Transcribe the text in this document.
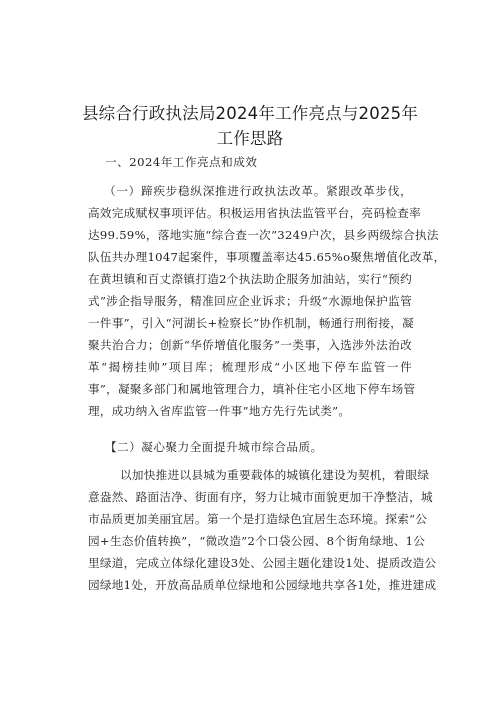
县综合行政执法局2024年工作亮点与2025年
工作思路
一、2024年工作亮点和成效
（一）蹄疾步稳纵深推进行政执法改革。紧跟改革步伐，
高效完成赋权事项评估。积极运用省执法监管平台，亮码检查率
达99.59%，落地实施“综合查一次”3249户次，县乡两级综合执法
队伍共办理1047起案件，事项覆盖率达45.65%o聚焦增值化改革，
在黄坦镇和百丈漈镇打造2个执法助企服务加油站，实行“预约
式”涉企指导服务，精准回应企业诉求；升级“水源地保护监管
一件事”，引入“河湖长+检察长”协作机制，畅通行刑衔接，凝
聚共治合力；创新“华侨增值化服务”一类事，入选涉外法治改
革“揭榜挂帅”项目库；梳理形成“小区地下停车监管一件
事”，凝聚多部门和属地管理合力，填补住宅小区地下停车场管
理，成功纳入省库监管一件事”地方先行先试类”。
【二）凝心聚力全面提升城市综合品质。
以加快推进以县城为重要载体的城镇化建设为契机，着眼绿
意盎然、路面洁净、街面有序，努力让城市面貌更加干净整洁，城
市品质更加美丽宜居。第一个是打造绿色宜居生态环境。探索“公
园+生态价值转换”，“微改造”2个口袋公园、8个街角绿地、1公
里绿道，完成立体绿化建设3处、公园主题化建设1处、提质改造公
园绿地1处，开放高品质单位绿地和公园绿地共享各1处，推进建成
